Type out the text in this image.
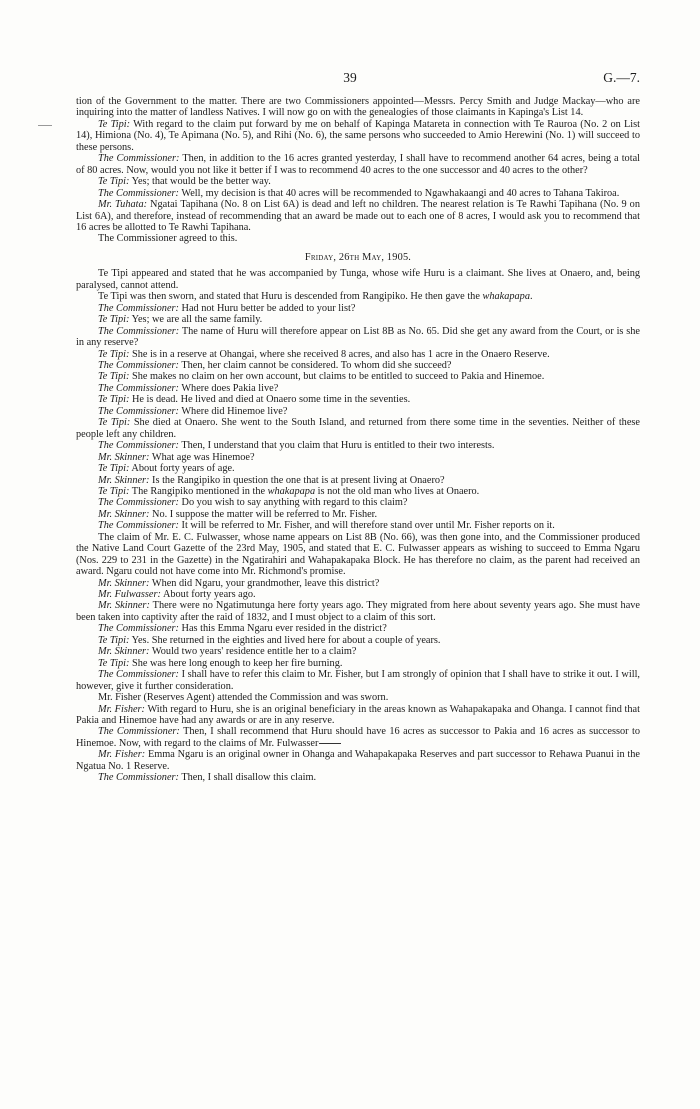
39	G.—7.

tion of the Government to the matter. There are two Commissioners appointed—Messrs. Percy Smith and Judge Mackay—who are inquiring into the matter of landless Natives. I will now go on with the genealogies of those claimants in Kapinga's List 14.

Te Tipi: With regard to the claim put forward by me on behalf of Kapinga Matareta in connection with Te Rauroa (No. 2 on List 14), Himiona (No. 4), Te Apimana (No. 5), and Rihi (No. 6), the same persons who succeeded to Amio Herewini (No. 1) will succeed to these persons.

The Commissioner: Then, in addition to the 16 acres granted yesterday, I shall have to recommend another 64 acres, being a total of 80 acres. Now, would you not like it better if I was to recommend 40 acres to the one successor and 40 acres to the other?

Te Tipi: Yes; that would be the better way.

The Commissioner: Well, my decision is that 40 acres will be recommended to Ngawhakaangi and 40 acres to Tahana Takiroa.

Mr. Tuhata: Ngatai Tapihana (No. 8 on List 6A) is dead and left no children. The nearest relation is Te Rawhi Tapihana (No. 9 on List 6A), and therefore, instead of recommending that an award be made out to each one of 8 acres, I would ask you to recommend that 16 acres be allotted to Te Rawhi Tapihana.

The Commissioner agreed to this.

Friday, 26th May, 1905.

Te Tipi appeared and stated that he was accompanied by Tunga, whose wife Huru is a claimant. She lives at Onaero, and, being paralysed, cannot attend.

Te Tipi was then sworn, and stated that Huru is descended from Rangipiko. He then gave the whakapapa.

The Commissioner: Had not Huru better be added to your list?

Te Tipi: Yes; we are all the same family.

The Commissioner: The name of Huru will therefore appear on List 8B as No. 65. Did she get any award from the Court, or is she in any reserve?

Te Tipi: She is in a reserve at Ohangai, where she received 8 acres, and also has 1 acre in the Onaero Reserve.

The Commissioner: Then, her claim cannot be considered. To whom did she succeed?

Te Tipi: She makes no claim on her own account, but claims to be entitled to succeed to Pakia and Hinemoe.

The Commissioner: Where does Pakia live?

Te Tipi: He is dead. He lived and died at Onaero some time in the seventies.

The Commissioner: Where did Hinemoe live?

Te Tipi: She died at Onaero. She went to the South Island, and returned from there some time in the seventies. Neither of these people left any children.

The Commissioner: Then, I understand that you claim that Huru is entitled to their two interests.

Mr. Skinner: What age was Hinemoe?

Te Tipi: About forty years of age.

Mr. Skinner: Is the Rangipiko in question the one that is at present living at Onaero?

Te Tipi: The Rangipiko mentioned in the whakapapa is not the old man who lives at Onaero.

The Commissioner: Do you wish to say anything with regard to this claim?

Mr. Skinner: No. I suppose the matter will be referred to Mr. Fisher.

The Commissioner: It will be referred to Mr. Fisher, and will therefore stand over until Mr. Fisher reports on it.

The claim of Mr. E. C. Fulwasser, whose name appears on List 8B (No. 66), was then gone into, and the Commissioner produced the Native Land Court Gazette of the 23rd May, 1905, and stated that E. C. Fulwasser appears as wishing to succeed to Emma Ngaru (Nos. 229 to 231 in the Gazette) in the Ngatirahiri and Wahapakapaka Block. He has therefore no claim, as the parent had received an award. Ngaru could not have come into Mr. Richmond's promise.

Mr. Skinner: When did Ngaru, your grandmother, leave this district?

Mr. Fulwasser: About forty years ago.

Mr. Skinner: There were no Ngatimutunga here forty years ago. They migrated from here about seventy years ago. She must have been taken into captivity after the raid of 1832, and I must object to a claim of this sort.

The Commissioner: Has this Emma Ngaru ever resided in the district?

Te Tipi: Yes. She returned in the eighties and lived here for about a couple of years.

Mr. Skinner: Would two years' residence entitle her to a claim?

Te Tipi: She was here long enough to keep her fire burning.

The Commissioner: I shall have to refer this claim to Mr. Fisher, but I am strongly of opinion that I shall have to strike it out. I will, however, give it further consideration.

Mr. Fisher (Reserves Agent) attended the Commission and was sworn.

Mr. Fisher: With regard to Huru, she is an original beneficiary in the areas known as Wahapakapaka and Ohanga. I cannot find that Pakia and Hinemoe have had any awards or are in any reserve.

The Commissioner: Then, I shall recommend that Huru should have 16 acres as successor to Pakia and 16 acres as successor to Hinemoe. Now, with regard to the claims of Mr. Fulwasser

Mr. Fisher: Emma Ngaru is an original owner in Ohanga and Wahapakapaka Reserves and part successor to Rehawa Puanui in the Ngatua No. 1 Reserve.

The Commissioner: Then, I shall disallow this claim.
